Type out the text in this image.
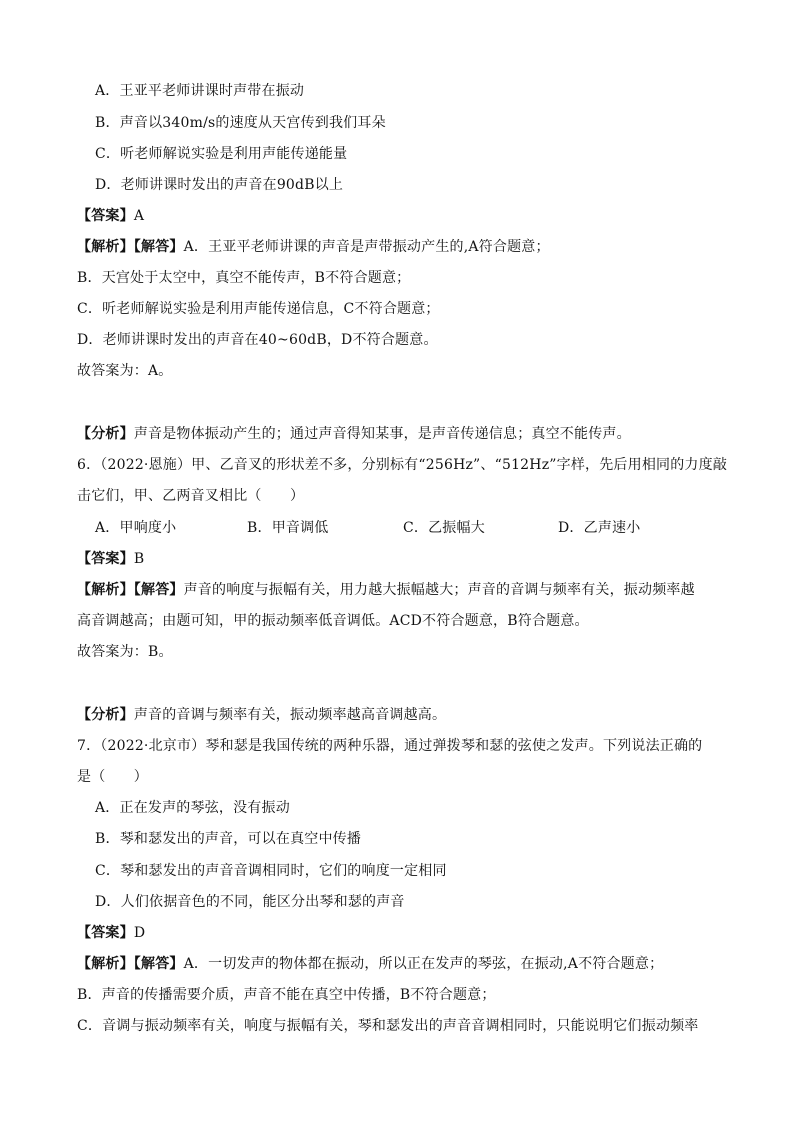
A．王亚平老师讲课时声带在振动
B．声音以340m/s的速度从天宫传到我们耳朵
C．听老师解说实验是利用声能传递能量
D．老师讲课时发出的声音在90dB以上
【答案】A
【解析】【解答】A．王亚平老师讲课的声音是声带振动产生的,A符合题意；
B．天宫处于太空中，真空不能传声，B不符合题意；
C．听老师解说实验是利用声能传递信息，C不符合题意；
D．老师讲课时发出的声音在40~60dB，D不符合题意。
故答案为：A。
【分析】声音是物体振动产生的；通过声音得知某事，是声音传递信息；真空不能传声。
6．（2022·恩施）甲、乙音叉的形状差不多，分别标有“256Hz”、“512Hz”字样，先后用相同的力度敲
击它们，甲、乙两音叉相比（　　）
A．甲响度小	B．甲音调低	C．乙振幅大	D．乙声速小
【答案】B
【解析】【解答】声音的响度与振幅有关，用力越大振幅越大；声音的音调与频率有关，振动频率越
高音调越高；由题可知，甲的振动频率低音调低。ACD不符合题意，B符合题意。
故答案为：B。
【分析】声音的音调与频率有关，振动频率越高音调越高。
7．（2022·北京市）琴和瑟是我国传统的两种乐器，通过弹拨琴和瑟的弦使之发声。下列说法正确的
是（　　）
A．正在发声的琴弦，没有振动
B．琴和瑟发出的声音，可以在真空中传播
C．琴和瑟发出的声音音调相同时，它们的响度一定相同
D．人们依据音色的不同，能区分出琴和瑟的声音
【答案】D
【解析】【解答】A．一切发声的物体都在振动，所以正在发声的琴弦，在振动,A不符合题意；
B．声音的传播需要介质，声音不能在真空中传播，B不符合题意；
C．音调与振动频率有关，响度与振幅有关，琴和瑟发出的声音音调相同时，只能说明它们振动频率
